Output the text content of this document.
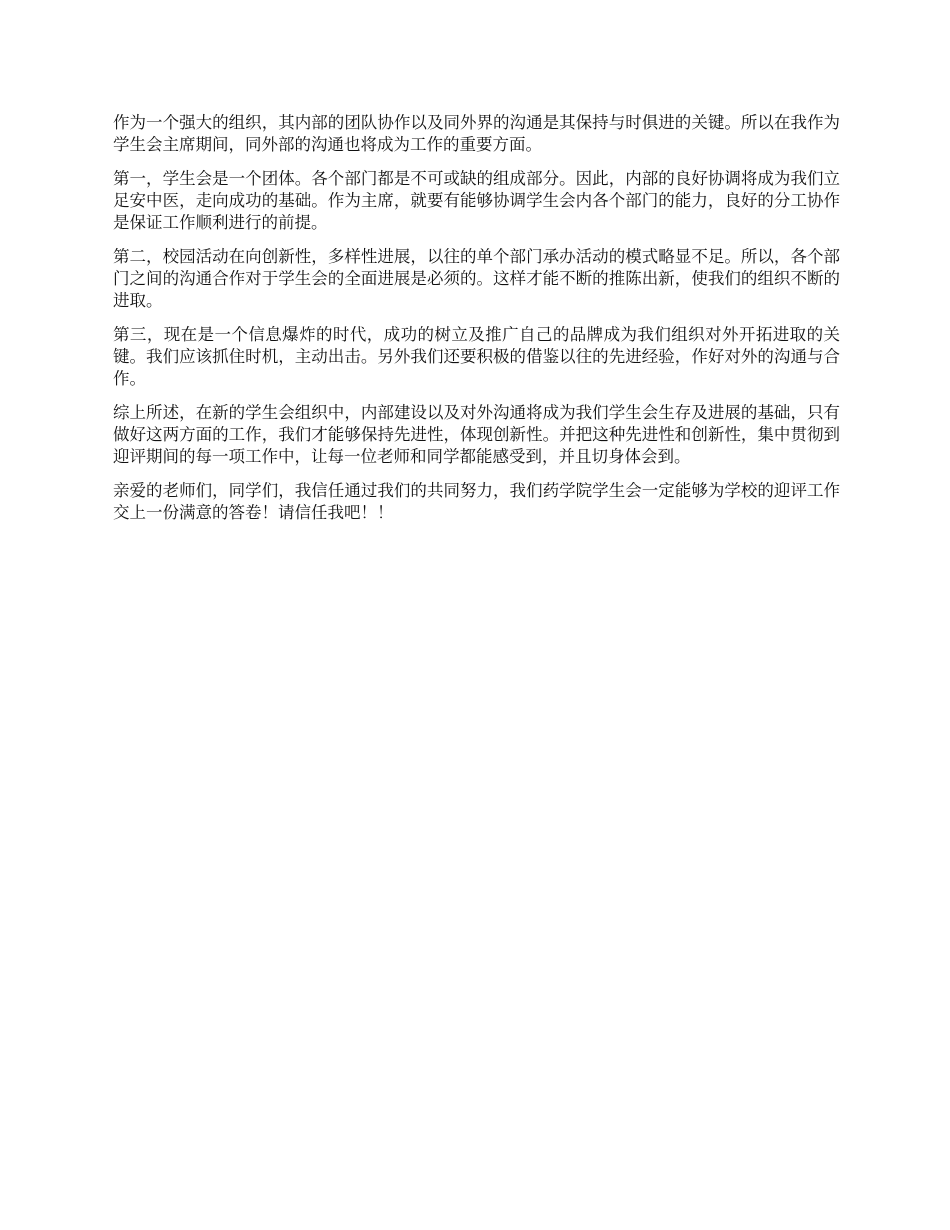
作为一个强大的组织，其内部的团队协作以及同外界的沟通是其保持与时俱进的关键。所以在我作为学生会主席期间，同外部的沟通也将成为工作的重要方面。

第一，学生会是一个团体。各个部门都是不可或缺的组成部分。因此，内部的良好协调将成为我们立足安中医，走向成功的基础。作为主席，就要有能够协调学生会内各个部门的能力，良好的分工协作是保证工作顺利进行的前提。

第二，校园活动在向创新性，多样性进展，以往的单个部门承办活动的模式略显不足。所以，各个部门之间的沟通合作对于学生会的全面进展是必须的。这样才能不断的推陈出新，使我们的组织不断的进取。

第三，现在是一个信息爆炸的时代，成功的树立及推广自己的品牌成为我们组织对外开拓进取的关键。我们应该抓住时机，主动出击。另外我们还要积极的借鉴以往的先进经验，作好对外的沟通与合作。

综上所述，在新的学生会组织中，内部建设以及对外沟通将成为我们学生会生存及进展的基础，只有做好这两方面的工作，我们才能够保持先进性，体现创新性。并把这种先进性和创新性，集中贯彻到迎评期间的每一项工作中，让每一位老师和同学都能感受到，并且切身体会到。

亲爱的老师们，同学们，我信任通过我们的共同努力，我们药学院学生会一定能够为学校的迎评工作交上一份满意的答卷！请信任我吧！！
